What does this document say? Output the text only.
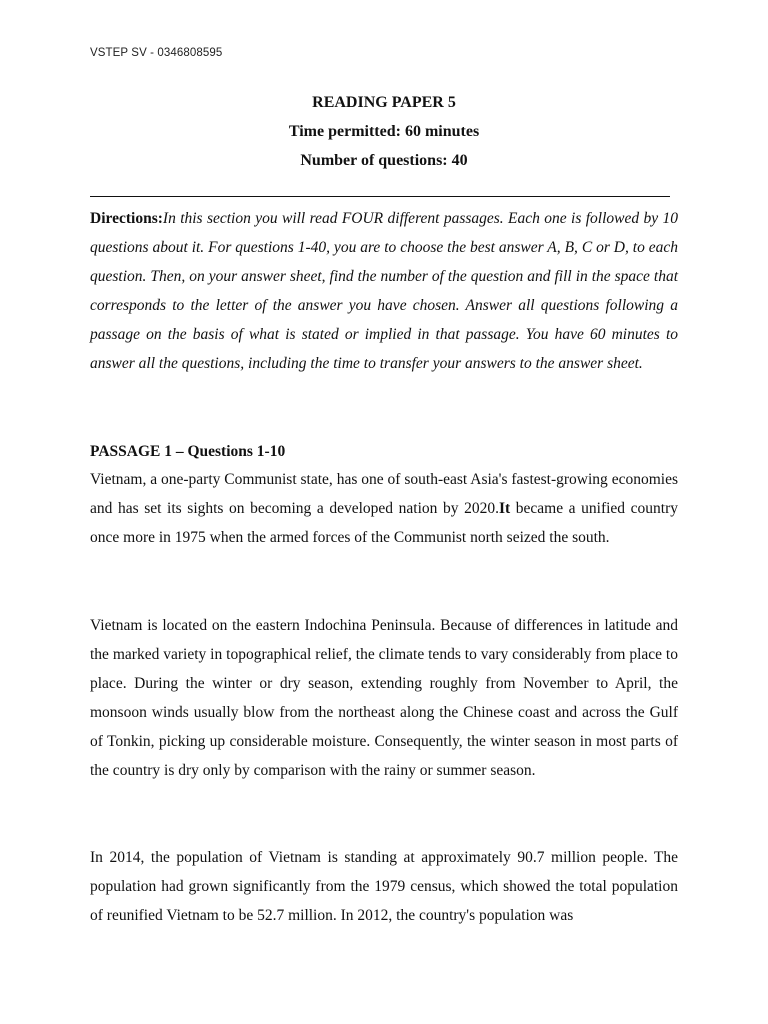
VSTEP SV - 0346808595
READING PAPER 5
Time permitted: 60 minutes
Number of questions: 40
Directions:In this section you will read FOUR different passages. Each one is followed by 10 questions about it. For questions 1-40, you are to choose the best answer A, B, C or D, to each question. Then, on your answer sheet, find the number of the question and fill in the space that corresponds to the letter of the answer you have chosen. Answer all questions following a passage on the basis of what is stated or implied in that passage. You have 60 minutes to answer all the questions, including the time to transfer your answers to the answer sheet.
PASSAGE 1 – Questions 1-10
Vietnam, a one-party Communist state, has one of south-east Asia's fastest-growing economies and has set its sights on becoming a developed nation by 2020.It became a unified country once more in 1975 when the armed forces of the Communist north seized the south.
Vietnam is located on the eastern Indochina Peninsula. Because of differences in latitude and the marked variety in topographical relief, the climate tends to vary considerably from place to place. During the winter or dry season, extending roughly from November to April, the monsoon winds usually blow from the northeast along the Chinese coast and across the Gulf of Tonkin, picking up considerable moisture. Consequently, the winter season in most parts of the country is dry only by comparison with the rainy or summer season.
In 2014, the population of Vietnam is standing at approximately 90.7 million people. The population had grown significantly from the 1979 census, which showed the total population of reunified Vietnam to be 52.7 million. In 2012, the country's population was
